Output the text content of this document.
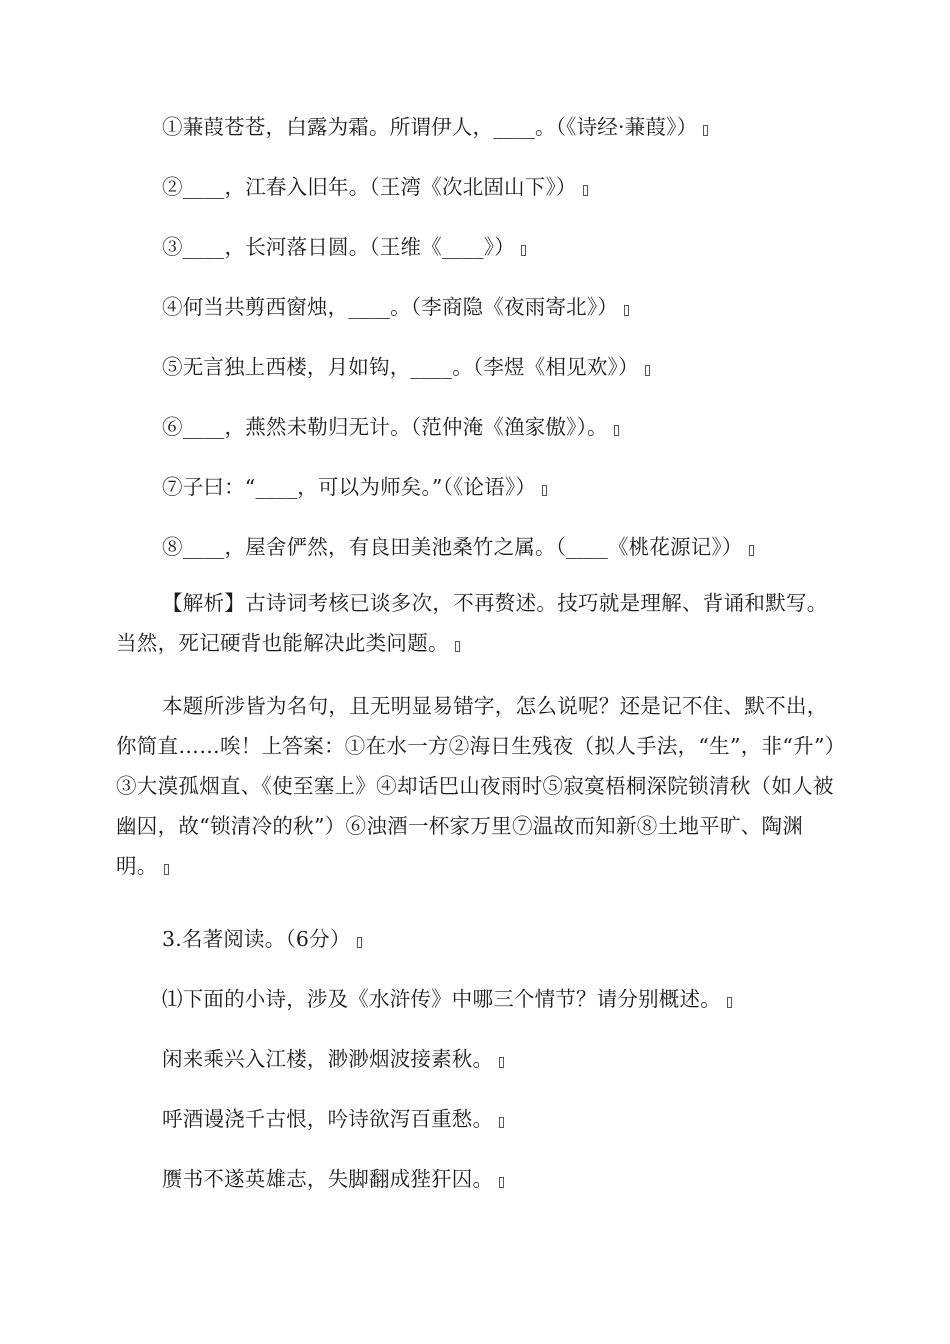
①蒹葭苍苍，白露为霜。所谓伊人，____。（《诗经·蒹葭》）
②____，江春入旧年。（王湾《次北固山下》）
③____，长河落日圆。（王维《____》）
④何当共剪西窗烛，____。（李商隐《夜雨寄北》）
⑤无言独上西楼，月如钩，____。（李煜《相见欢》）
⑥____，燕然未勒归无计。（范仲淹《渔家傲》）。
⑦子曰：“____，可以为师矣。”（《论语》）
⑧____，屋舍俨然，有良田美池桑竹之属。（____《桃花源记》）
【解析】古诗词考核已谈多次，不再赘述。技巧就是理解、背诵和默写。当然，死记硬背也能解决此类问题。
本题所涉皆为名句，且无明显易错字，怎么说呢？还是记不住、默不出，你简直……唉！上答案：①在水一方②海日生残夜（拟人手法，“生”，非“升”）③大漠孤烟直、《使至塞上》④却话巴山夜雨时⑤寂寞梧桐深院锁清秋（如人被幽囚，故“锁清冷的秋”）⑥浊酒一杯家万里⑦温故而知新⑧土地平旷、陶渊明。
3.名著阅读。（6分）
⑴下面的小诗，涉及《水浒传》中哪三个情节？请分别概述。
闲来乘兴入江楼，渺渺烟波接素秋。
呼酒谩浇千古恨，吟诗欲泻百重愁。
赝书不遂英雄志，失脚翻成狴犴囚。
